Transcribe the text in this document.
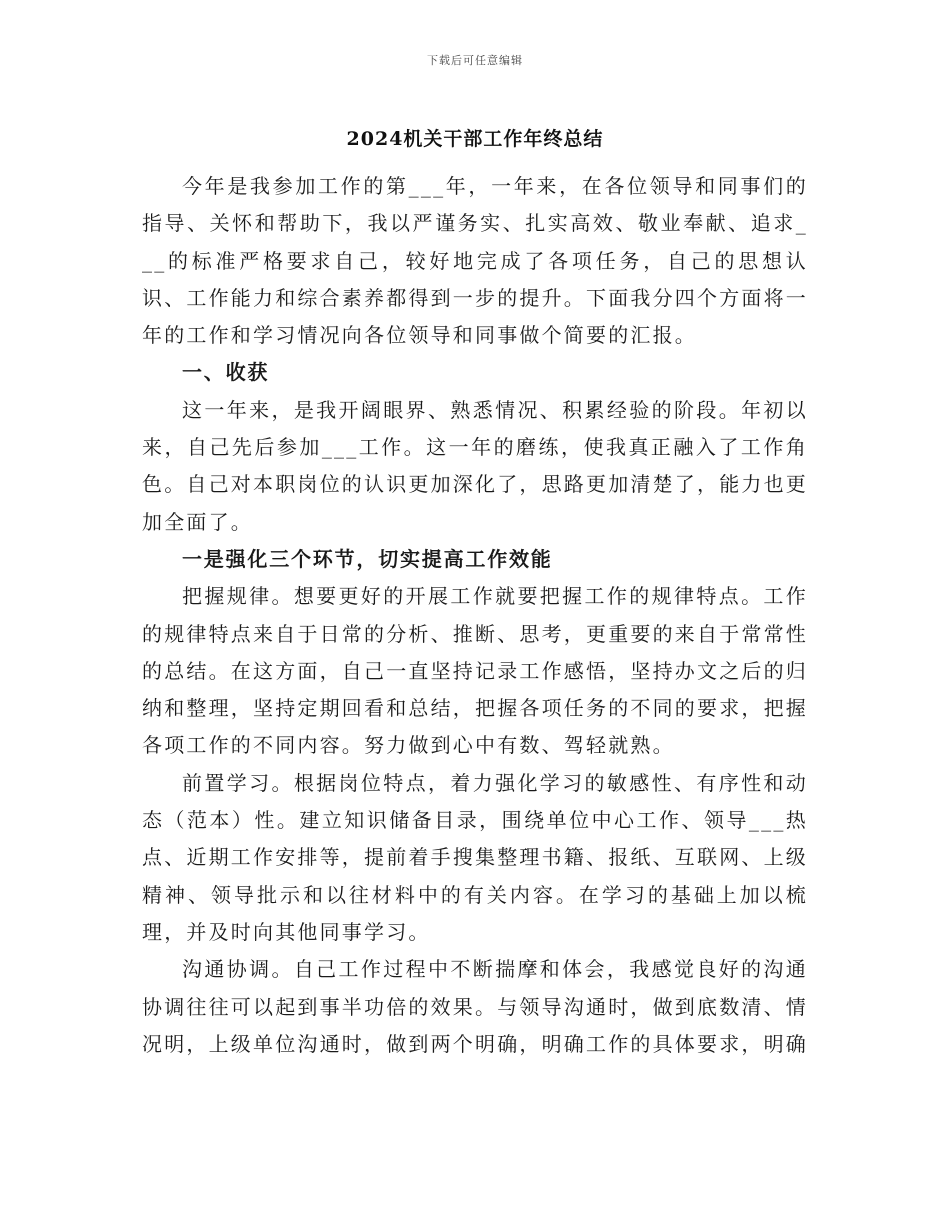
下载后可任意编辑
2024机关干部工作年终总结

今年是我参加工作的第___年，一年来，在各位领导和同事们的指导、关怀和帮助下，我以严谨务实、扎实高效、敬业奉献、追求___的标准严格要求自己，较好地完成了各项任务，自己的思想认识、工作能力和综合素养都得到一步的提升。下面我分四个方面将一年的工作和学习情况向各位领导和同事做个简要的汇报。

一、收获

这一年来，是我开阔眼界、熟悉情况、积累经验的阶段。年初以来，自己先后参加___工作。这一年的磨练，使我真正融入了工作角色。自己对本职岗位的认识更加深化了，思路更加清楚了，能力也更加全面了。

一是强化三个环节，切实提高工作效能

把握规律。想要更好的开展工作就要把握工作的规律特点。工作的规律特点来自于日常的分析、推断、思考，更重要的来自于常常性的总结。在这方面，自己一直坚持记录工作感悟，坚持办文之后的归纳和整理，坚持定期回看和总结，把握各项任务的不同的要求，把握各项工作的不同内容。努力做到心中有数、驾轻就熟。

前置学习。根据岗位特点，着力强化学习的敏感性、有序性和动态（范本）性。建立知识储备目录，围绕单位中心工作、领导___热点、近期工作安排等，提前着手搜集整理书籍、报纸、互联网、上级精神、领导批示和以往材料中的有关内容。在学习的基础上加以梳理，并及时向其他同事学习。

沟通协调。自己工作过程中不断揣摩和体会，我感觉良好的沟通协调往往可以起到事半功倍的效果。与领导沟通时，做到底数清、情况明，上级单位沟通时，做到两个明确，明确工作的具体要求，明确
